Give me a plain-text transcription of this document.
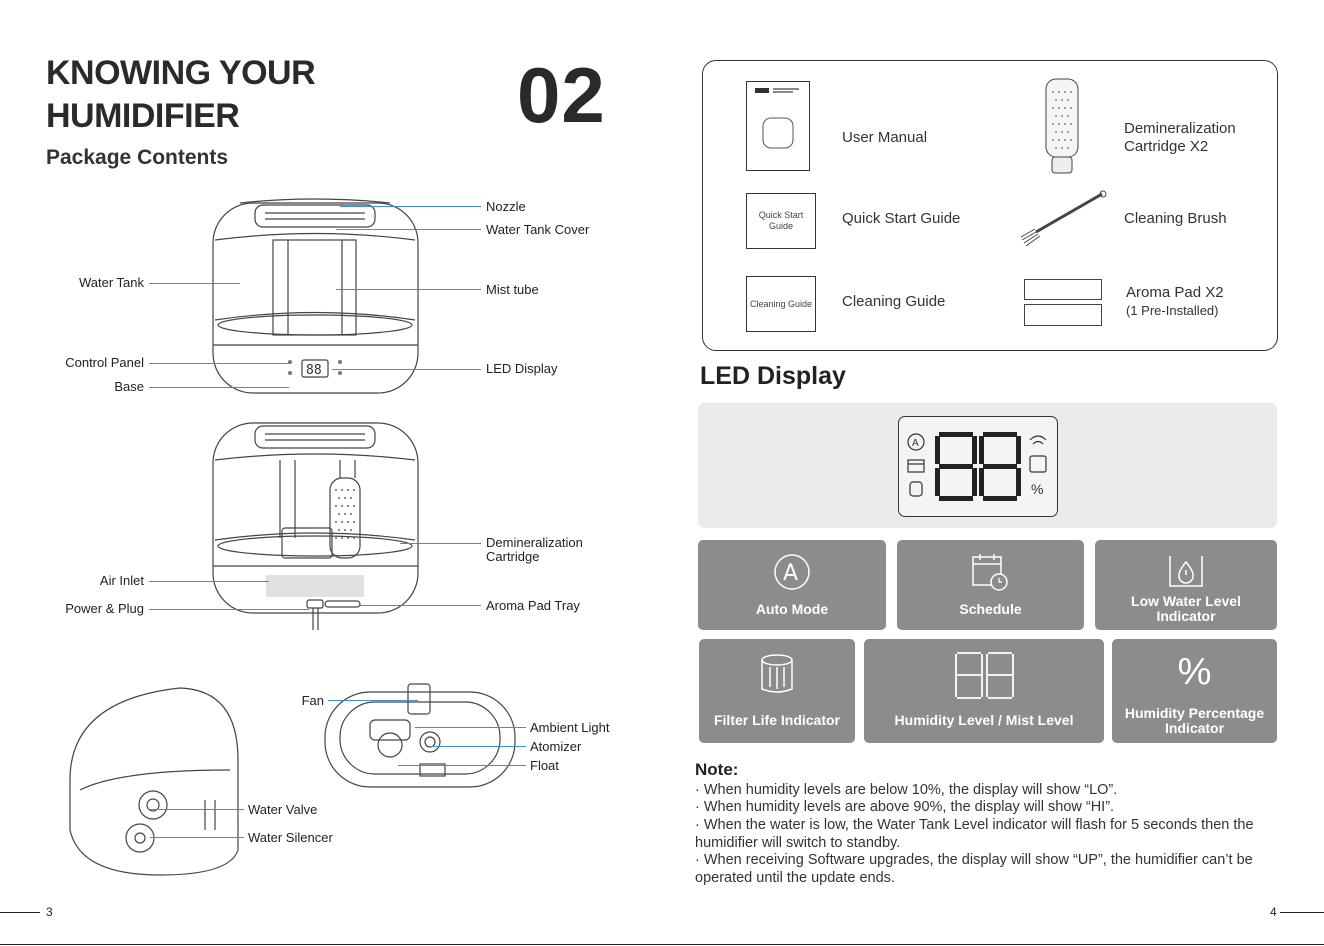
KNOWING YOUR
HUMIDIFIER	02
Package Contents
88
Nozzle
Water Tank Cover
Water Tank	Mist tube
Control Panel	LED Display
Base
Demineralization
Cartridge
Air Inlet
Power & Plug	Aroma Pad Tray
Water Valve
Water Silencer
Fan
Ambient Light
Atomizer
Float
3
User Manual
Demineralization
Cartridge X2
Quick Start Guide	Quick Start Guide	Cleaning Brush
Cleaning Guide Cleaning Guide
Aroma Pad X2
(1 Pre-Installed)
LED Display
A
%
A
Auto Mode	Schedule	Low Water Level
Indicator
Filter Life Indicator	Humidity Level / Mist Level
%
Humidity Percentage
Indicator
Note:
· When humidity levels are below 10%, the display will show “LO”.
· When humidity levels are above 90%, the display will show “HI”.
· When the water is low, the Water Tank Level indicator will flash for 5 seconds then the humidifier will switch to standby.
· When receiving Software upgrades, the display will show “UP”, the humidifier can’t be operated until the update ends.
4
